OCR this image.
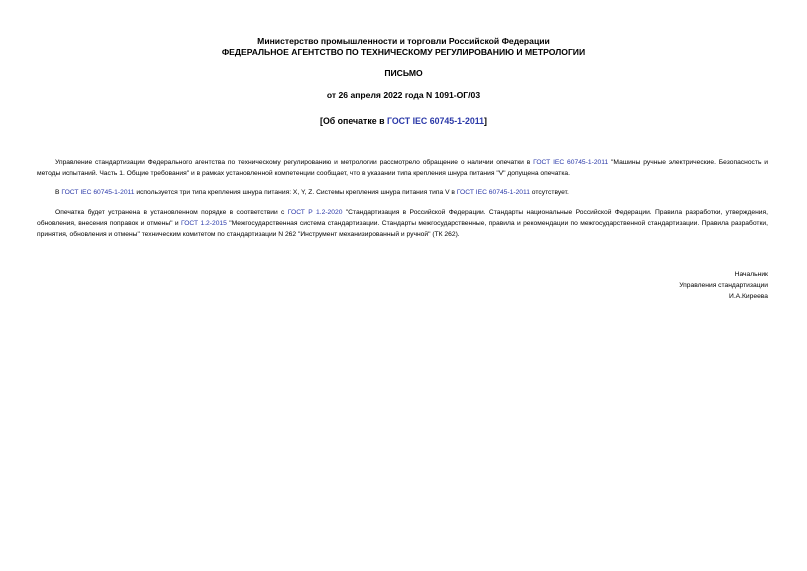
Министерство промышленности и торговли Российской Федерации
ФЕДЕРАЛЬНОЕ АГЕНТСТВО ПО ТЕХНИЧЕСКОМУ РЕГУЛИРОВАНИЮ И МЕТРОЛОГИИ
ПИСЬМО
от 26 апреля 2022 года N 1091-ОГ/03
[Об опечатке в ГОСТ IEC 60745-1-2011]
Управление стандартизации Федерального агентства по техническому регулированию и метрологии рассмотрело обращение о наличии опечатки в ГОСТ IEC 60745-1-2011 "Машины ручные электрические. Безопасность и методы испытаний. Часть 1. Общие требования" и в рамках установленной компетенции сообщает, что в указании типа крепления шнура питания "V" допущена опечатка.
В ГОСТ IEC 60745-1-2011 используется три типа крепления шнура питания: X, Y, Z. Системы крепления шнура питания типа V в ГОСТ IEC 60745-1-2011 отсутствует.
Опечатка будет устранена в установленном порядке в соответствии с ГОСТ Р 1.2-2020 "Стандартизация в Российской Федерации. Стандарты национальные Российской Федерации. Правила разработки, утверждения, обновления, внесения поправок и отмены" и ГОСТ 1.2-2015 "Межгосударственная система стандартизации. Стандарты межгосударственные, правила и рекомендации по межгосударственной стандартизации. Правила разработки, принятия, обновления и отмены" техническим комитетом по стандартизации N 262 "Инструмент механизированный и ручной" (ТК 262).
Начальник
Управления стандартизации
И.А.Киреева
